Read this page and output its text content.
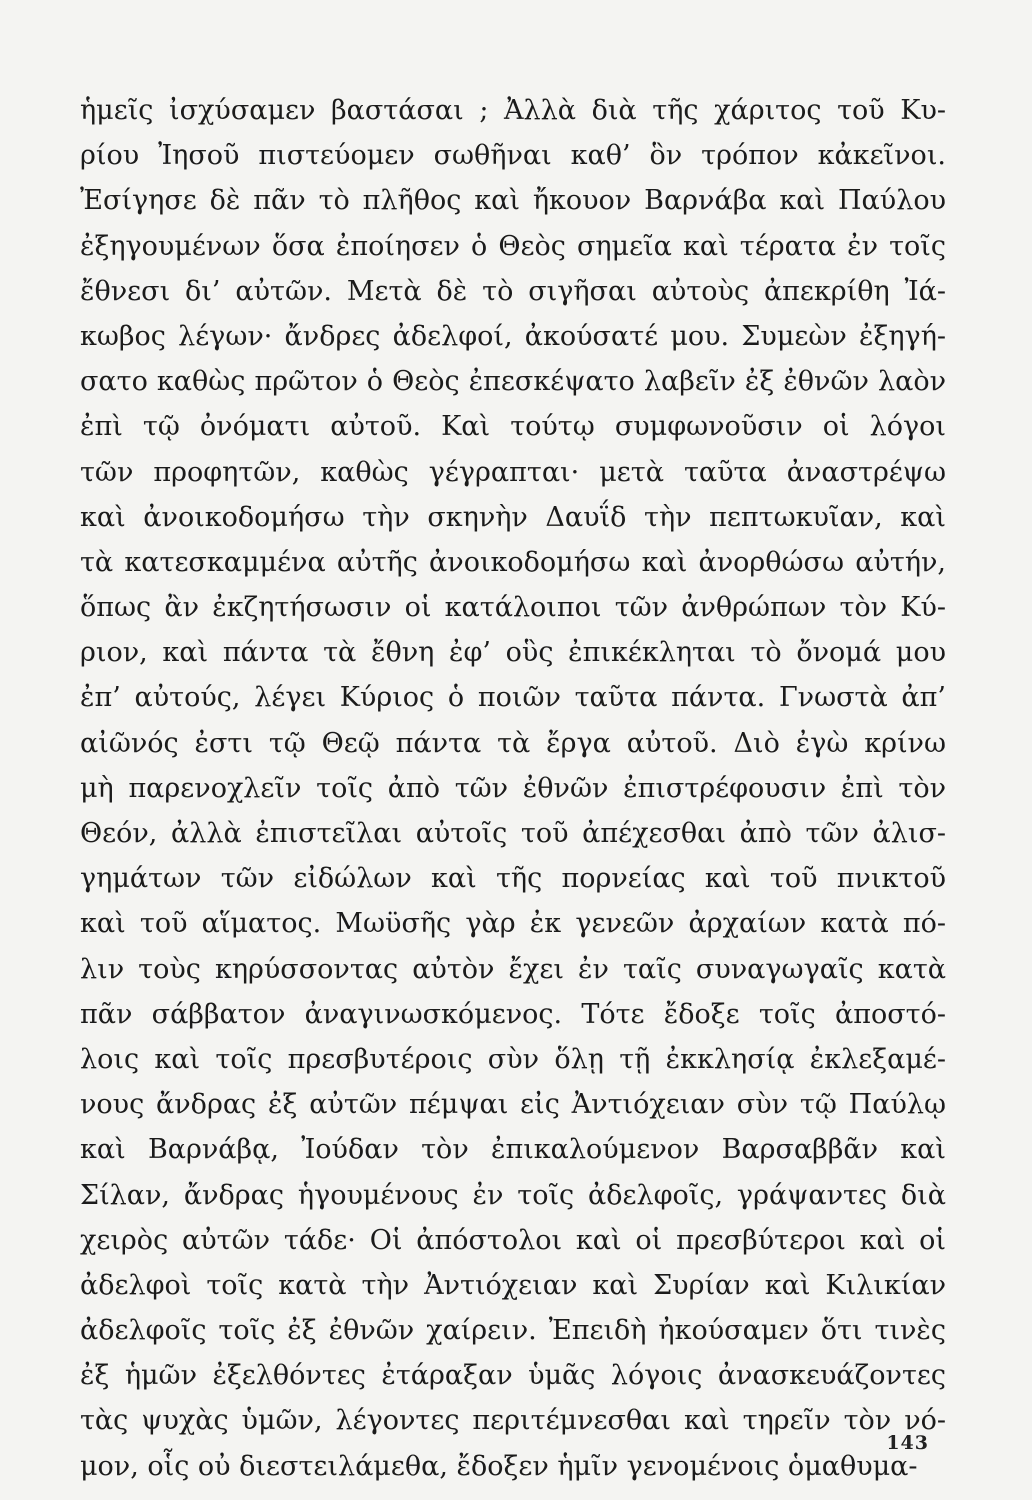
ἡμεῖς ἰσχύσαμεν βαστάσαι ; Ἀλλὰ διὰ τῆς χάριτος τοῦ Κυ-
ρίου Ἰησοῦ πιστεύομεν σωθῆναι καθ’ ὃν τρόπον κἀκεῖνοι.
Ἐσίγησε δὲ πᾶν τὸ πλῆθος καὶ ἤκουον Βαρνάβα καὶ Παύλου
ἐξηγουμένων ὅσα ἐποίησεν ὁ Θεὸς σημεῖα καὶ τέρατα ἐν τοῖς
ἔθνεσι δι’ αὐτῶν. Μετὰ δὲ τὸ σιγῆσαι αὐτοὺς ἀπεκρίθη Ἰά-
κωβος λέγων· ἄνδρες ἀδελφοί, ἀκούσατέ μου. Συμεὼν ἐξηγή-
σατο καθὼς πρῶτον ὁ Θεὸς ἐπεσκέψατο λαβεῖν ἐξ ἐθνῶν λαὸν
ἐπὶ τῷ ὀνόματι αὐτοῦ. Καὶ τούτῳ συμφωνοῦσιν οἱ λόγοι
τῶν προφητῶν, καθὼς γέγραπται· μετὰ ταῦτα ἀναστρέψω
καὶ ἀνοικοδομήσω τὴν σκηνὴν Δαυΐδ τὴν πεπτωκυῖαν, καὶ
τὰ κατεσκαμμένα αὐτῆς ἀνοικοδομήσω καὶ ἀνορθώσω αὐτήν,
ὅπως ἂν ἐκζητήσωσιν οἱ κατάλοιποι τῶν ἀνθρώπων τὸν Κύ-
ριον, καὶ πάντα τὰ ἔθνη ἐφ’ οὓς ἐπικέκληται τὸ ὄνομά μου
ἐπ’ αὐτούς, λέγει Κύριος ὁ ποιῶν ταῦτα πάντα. Γνωστὰ ἀπ’
αἰῶνός ἐστι τῷ Θεῷ πάντα τὰ ἔργα αὐτοῦ. Διὸ ἐγὼ κρίνω
μὴ παρενοχλεῖν τοῖς ἀπὸ τῶν ἐθνῶν ἐπιστρέφουσιν ἐπὶ τὸν
Θεόν, ἀλλὰ ἐπιστεῖλαι αὐτοῖς τοῦ ἀπέχεσθαι ἀπὸ τῶν ἀλισ-
γημάτων τῶν εἰδώλων καὶ τῆς πορνείας καὶ τοῦ πνικτοῦ
καὶ τοῦ αἵματος. Μωϋσῆς γὰρ ἐκ γενεῶν ἀρχαίων κατὰ πό-
λιν τοὺς κηρύσσοντας αὐτὸν ἔχει ἐν ταῖς συναγωγαῖς κατὰ
πᾶν σάββατον ἀναγινωσκόμενος. Τότε ἔδοξε τοῖς ἀποστό-
λοις καὶ τοῖς πρεσβυτέροις σὺν ὅλῃ τῇ ἐκκλησίᾳ ἐκλεξαμέ-
νους ἄνδρας ἐξ αὐτῶν πέμψαι εἰς Ἀντιόχειαν σὺν τῷ Παύλῳ
καὶ Βαρνάβᾳ, Ἰούδαν τὸν ἐπικαλούμενον Βαρσαββᾶν καὶ
Σίλαν, ἄνδρας ἡγουμένους ἐν τοῖς ἀδελφοῖς, γράψαντες διὰ
χειρὸς αὐτῶν τάδε· Οἱ ἀπόστολοι καὶ οἱ πρεσβύτεροι καὶ οἱ
ἀδελφοὶ τοῖς κατὰ τὴν Ἀντιόχειαν καὶ Συρίαν καὶ Κιλικίαν
ἀδελφοῖς τοῖς ἐξ ἐθνῶν χαίρειν. Ἐπειδὴ ἠκούσαμεν ὅτι τινὲς
ἐξ ἡμῶν ἐξελθόντες ἐτάραξαν ὑμᾶς λόγοις ἀνασκευάζοντες
τὰς ψυχὰς ὑμῶν, λέγοντες περιτέμνεσθαι καὶ τηρεῖν τὸν νό-
μον, οἷς οὐ διεστειλάμεθα, ἔδοξεν ἡμῖν γενομένοις ὁμαθυμα-
143
